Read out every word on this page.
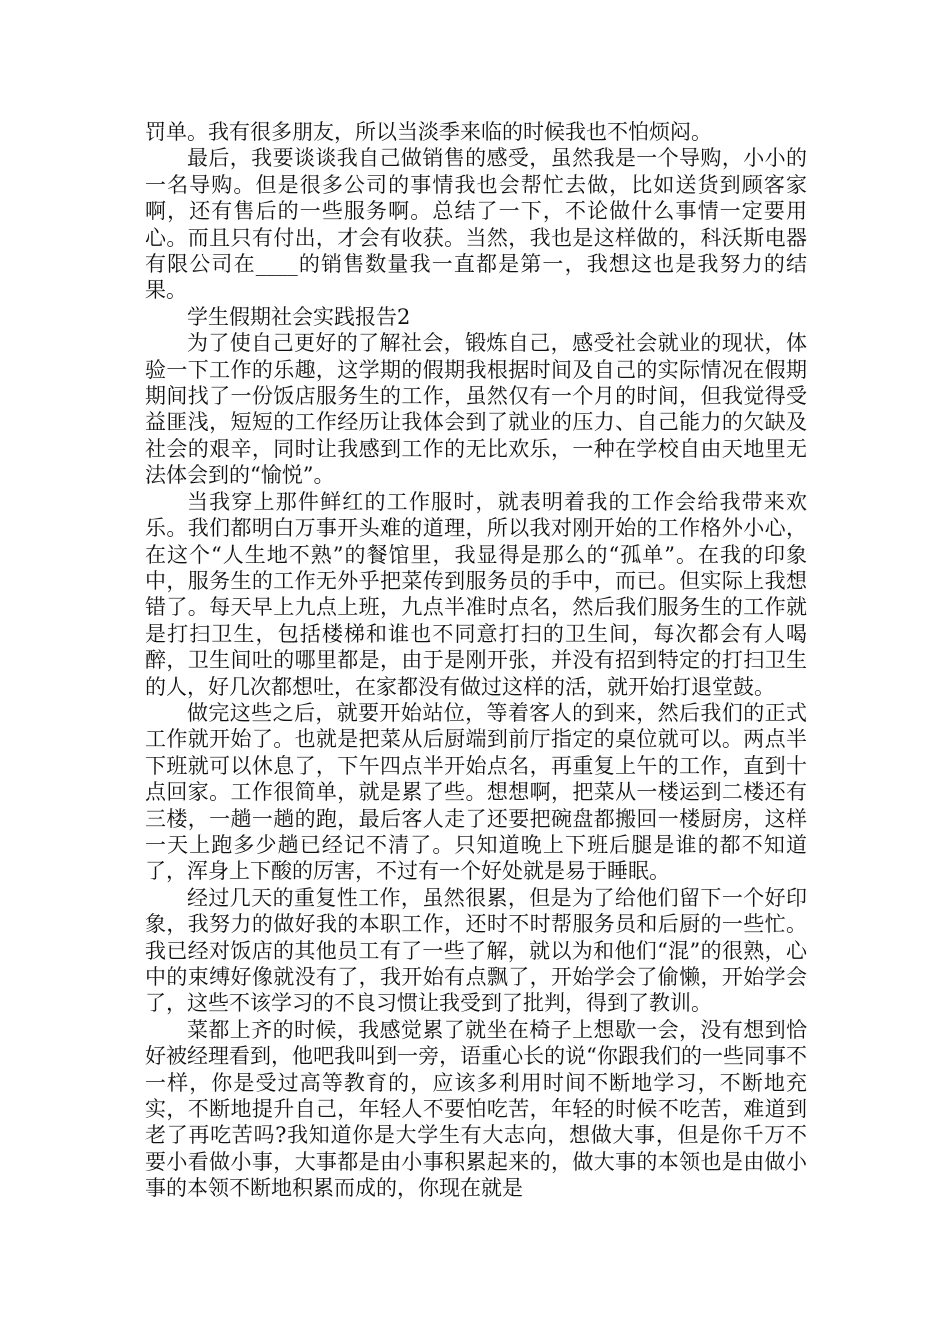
罚单。我有很多朋友，所以当淡季来临的时候我也不怕烦闷。

最后，我要谈谈我自己做销售的感受，虽然我是一个导购，小小的一名导购。但是很多公司的事情我也会帮忙去做，比如送货到顾客家啊，还有售后的一些服务啊。总结了一下，不论做什么事情一定要用心。而且只有付出，才会有收获。当然，我也是这样做的，科沃斯电器有限公司在____的销售数量我一直都是第一，我想这也是我努力的结果。

学生假期社会实践报告2

为了使自己更好的了解社会，锻炼自己，感受社会就业的现状，体验一下工作的乐趣，这学期的假期我根据时间及自己的实际情况在假期期间找了一份饭店服务生的工作，虽然仅有一个月的时间，但我觉得受益匪浅，短短的工作经历让我体会到了就业的压力、自己能力的欠缺及社会的艰辛，同时让我感到工作的无比欢乐，一种在学校自由天地里无法体会到的“愉悦”。

当我穿上那件鲜红的工作服时，就表明着我的工作会给我带来欢乐。我们都明白万事开头难的道理，所以我对刚开始的工作格外小心，在这个“人生地不熟”的餐馆里，我显得是那么的“孤单”。在我的印象中，服务生的工作无外乎把菜传到服务员的手中，而已。但实际上我想错了。每天早上九点上班，九点半准时点名，然后我们服务生的工作就是打扫卫生，包括楼梯和谁也不同意打扫的卫生间，每次都会有人喝醉，卫生间吐的哪里都是，由于是刚开张，并没有招到特定的打扫卫生的人，好几次都想吐，在家都没有做过这样的活，就开始打退堂鼓。

做完这些之后，就要开始站位，等着客人的到来，然后我们的正式工作就开始了。也就是把菜从后厨端到前厅指定的桌位就可以。两点半下班就可以休息了，下午四点半开始点名，再重复上午的工作，直到十点回家。工作很简单，就是累了些。想想啊，把菜从一楼运到二楼还有三楼，一趟一趟的跑，最后客人走了还要把碗盘都搬回一楼厨房，这样一天上跑多少趟已经记不清了。只知道晚上下班后腿是谁的都不知道了，浑身上下酸的厉害，不过有一个好处就是易于睡眠。

经过几天的重复性工作，虽然很累，但是为了给他们留下一个好印象，我努力的做好我的本职工作，还时不时帮服务员和后厨的一些忙。我已经对饭店的其他员工有了一些了解，就以为和他们“混”的很熟，心中的束缚好像就没有了，我开始有点飘了，开始学会了偷懒，开始学会了，这些不该学习的不良习惯让我受到了批判，得到了教训。

菜都上齐的时候，我感觉累了就坐在椅子上想歇一会，没有想到恰好被经理看到，他吧我叫到一旁，语重心长的说“你跟我们的一些同事不一样，你是受过高等教育的，应该多利用时间不断地学习，不断地充实，不断地提升自己，年轻人不要怕吃苦，年轻的时候不吃苦，难道到老了再吃苦吗?我知道你是大学生有大志向，想做大事，但是你千万不要小看做小事，大事都是由小事积累起来的，做大事的本领也是由做小事的本领不断地积累而成的，你现在就是
